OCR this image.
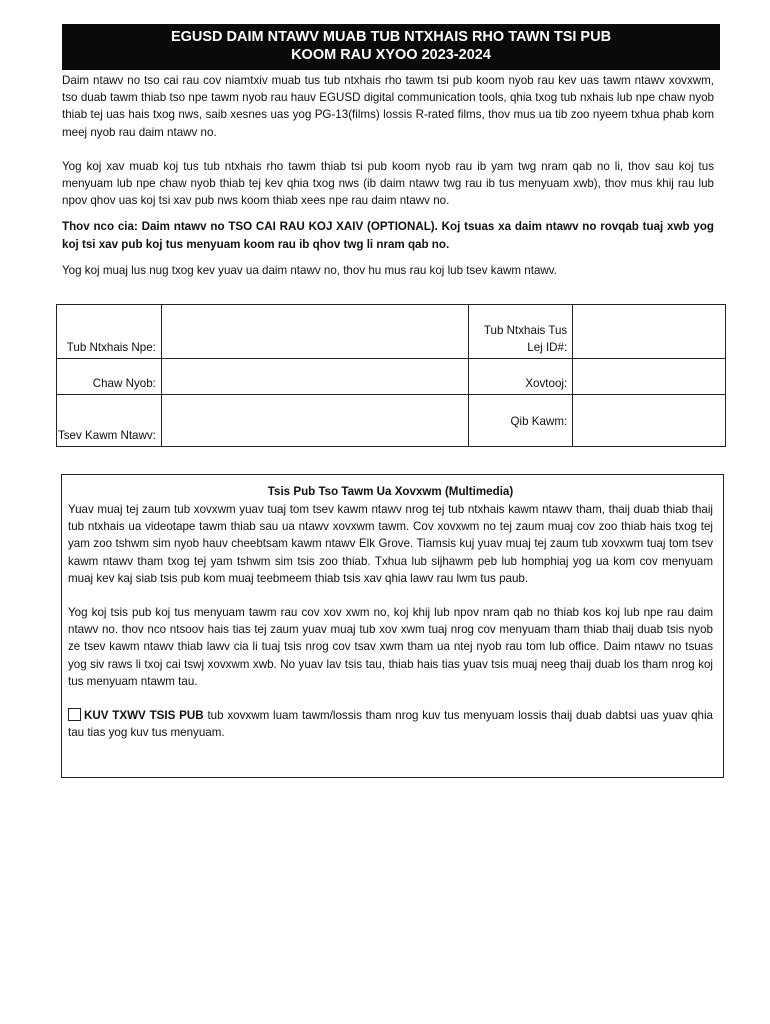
EGUSD DAIM NTAWV MUAB TUB NTXHAIS RHO TAWN TSI PUB
KOOM RAU XYOO 2023-2024

Daim ntawv no tso cai rau cov niamtxiv muab tus tub ntxhais rho tawm tsi pub koom nyob rau kev uas tawm ntawv xovxwm, tso duab tawm thiab tso npe tawm nyob rau hauv EGUSD digital communication tools, qhia txog tub nxhais lub npe chaw nyob thiab tej uas hais txog nws, saib xesnes uas yog PG-13(films) lossis R-rated films, thov mus ua tib zoo nyeem txhua phab kom meej nyob rau daim ntawv no.

Yog koj xav muab koj tus tub ntxhais rho tawm thiab tsi pub koom nyob rau ib yam twg nram qab no li, thov sau koj tus menyuam lub npe chaw nyob thiab tej kev qhia txog nws (ib daim ntawv twg rau ib tus menyuam xwb), thov mus khij rau lub npov qhov uas koj tsi xav pub nws koom thiab xees npe rau daim ntawv no.

Thov nco cia: Daim ntawv no TSO CAI RAU KOJ XAIV (OPTIONAL). Koj tsuas xa daim ntawv no rovqab tuaj xwb yog koj tsi xav pub koj tus menyuam koom rau ib qhov twg li nram qab no.

Yog koj muaj lus nug txog kev yuav ua daim ntawv no, thov hu mus rau koj lub tsev kawm ntawv.

Tub Ntxhais Npe:		Tub Ntxhais Tus Lej ID#:	
Chaw Nyob:		Xovtooj:	
Tsev Kawm Ntawv:		Qib Kawm:	
Tsis Pub Tso Tawm Ua Xovxwm (Multimedia)

Yuav muaj tej zaum tub xovxwm yuav tuaj tom tsev kawm ntawv nrog tej tub ntxhais kawm ntawv tham, thaij duab thiab thaij tub ntxhais ua videotape tawm thiab sau ua ntawv xovxwm tawm. Cov xovxwm no tej zaum muaj cov zoo thiab hais txog tej yam zoo tshwm sim nyob hauv cheebtsam kawm ntawv Elk Grove. Tiamsis kuj yuav muaj tej zaum tub xovxwm tuaj tom tsev kawm ntawv tham txog tej yam tshwm sim tsis zoo thiab. Txhua lub sijhawm peb lub homphiaj yog ua kom cov menyuam muaj kev kaj siab tsis pub kom muaj teebmeem thiab tsis xav qhia lawv rau lwm tus paub.

Yog koj tsis pub koj tus menyuam tawm rau cov xov xwm no, koj khij lub npov nram qab no thiab kos koj lub npe rau daim ntawv no. thov nco ntsoov hais tias tej zaum yuav muaj tub xov xwm tuaj nrog cov menyuam tham thiab thaij duab tsis nyob ze tsev kawm ntawv thiab lawv cia li tuaj tsis nrog cov tsav xwm tham ua ntej nyob rau tom lub office. Daim ntawv no tsuas yog siv raws li txoj cai tswj xovxwm xwb. No yuav lav tsis tau, thiab hais tias yuav tsis muaj neeg thaij duab los tham nrog koj tus menyuam ntawm tau.

KUV TXWV TSIS PUB tub xovxwm luam tawm/lossis tham nrog kuv tus menyuam lossis thaij duab dabtsi uas yuav qhia tau tias yog kuv tus menyuam.
